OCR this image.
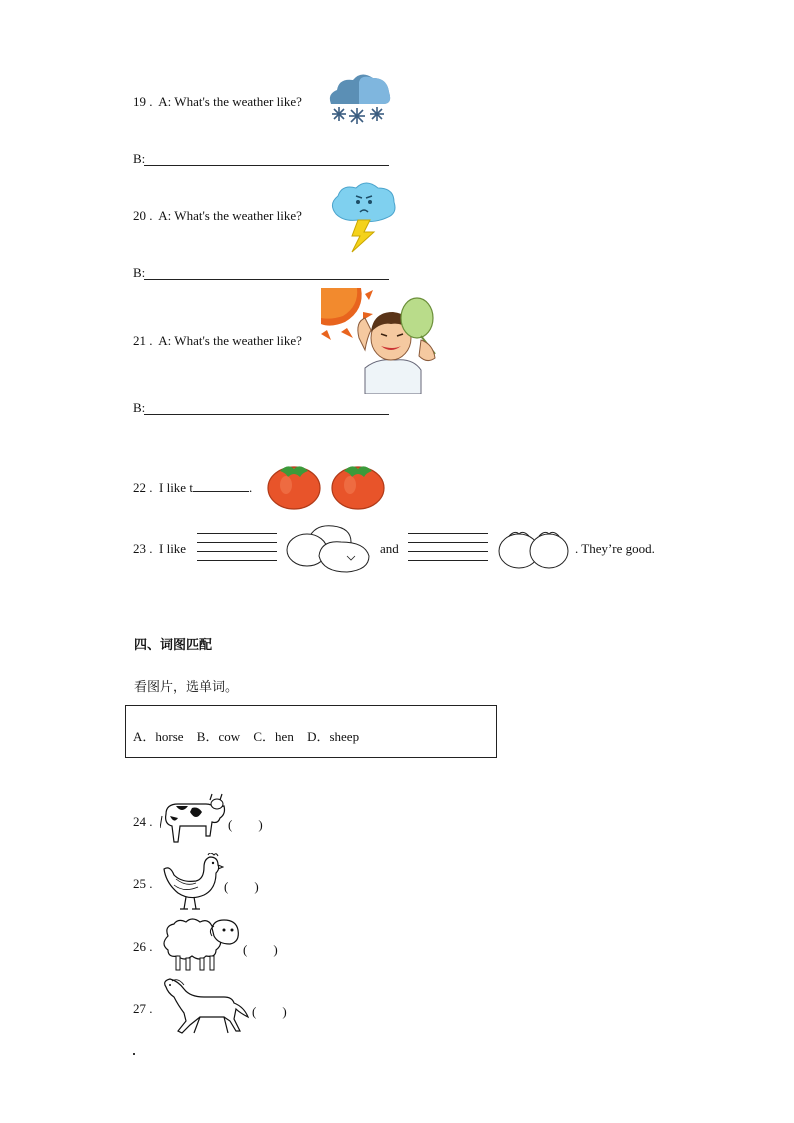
19 .  A: What's the weather like?
B:
20 .  A: What's the weather like?
B:
21 .  A: What's the weather like?
B:
22 .  I like t	.
23 .  I like	and	. They’re good.
四、词图匹配
看图片，选单词。
A．horse B．cow C．hen D．sheep
24 .	(　　)
25 .	(　　)
26 .	(　　)
27 .	(　　)
